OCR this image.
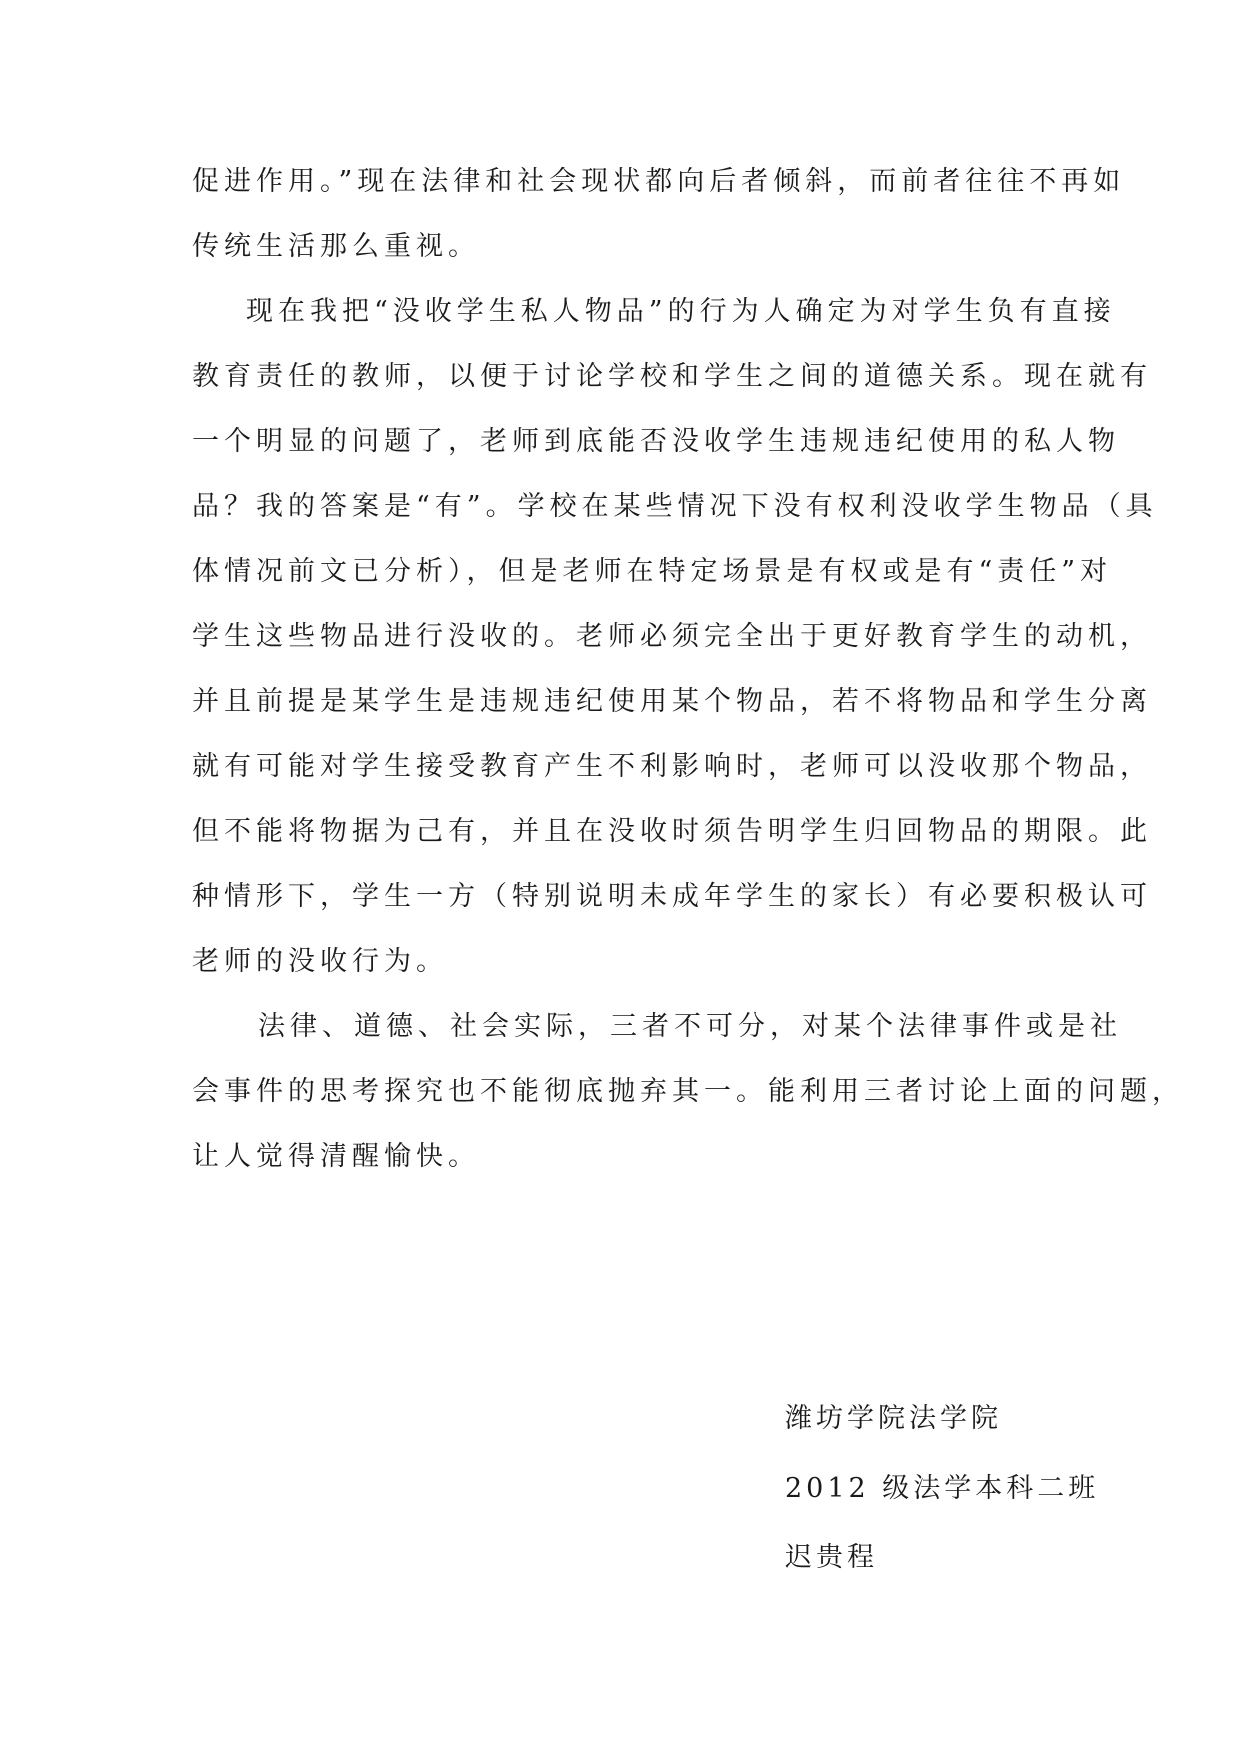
促进作用。”现在法律和社会现状都向后者倾斜，而前者往往不再如
传统生活那么重视。
现在我把“没收学生私人物品”的行为人确定为对学生负有直接
教育责任的教师，以便于讨论学校和学生之间的道德关系。现在就有
一个明显的问题了，老师到底能否没收学生违规违纪使用的私人物
品？我的答案是“有”。学校在某些情况下没有权利没收学生物品（具
体情况前文已分析），但是老师在特定场景是有权或是有“责任”对
学生这些物品进行没收的。老师必须完全出于更好教育学生的动机，
并且前提是某学生是违规违纪使用某个物品，若不将物品和学生分离
就有可能对学生接受教育产生不利影响时，老师可以没收那个物品，
但不能将物据为己有，并且在没收时须告明学生归回物品的期限。此
种情形下，学生一方（特别说明未成年学生的家长）有必要积极认可
老师的没收行为。
法律、道德、社会实际，三者不可分，对某个法律事件或是社
会事件的思考探究也不能彻底抛弃其一。能利用三者讨论上面的问题，
让人觉得清醒愉快。
潍坊学院法学院
2012 级法学本科二班
迟贵程
